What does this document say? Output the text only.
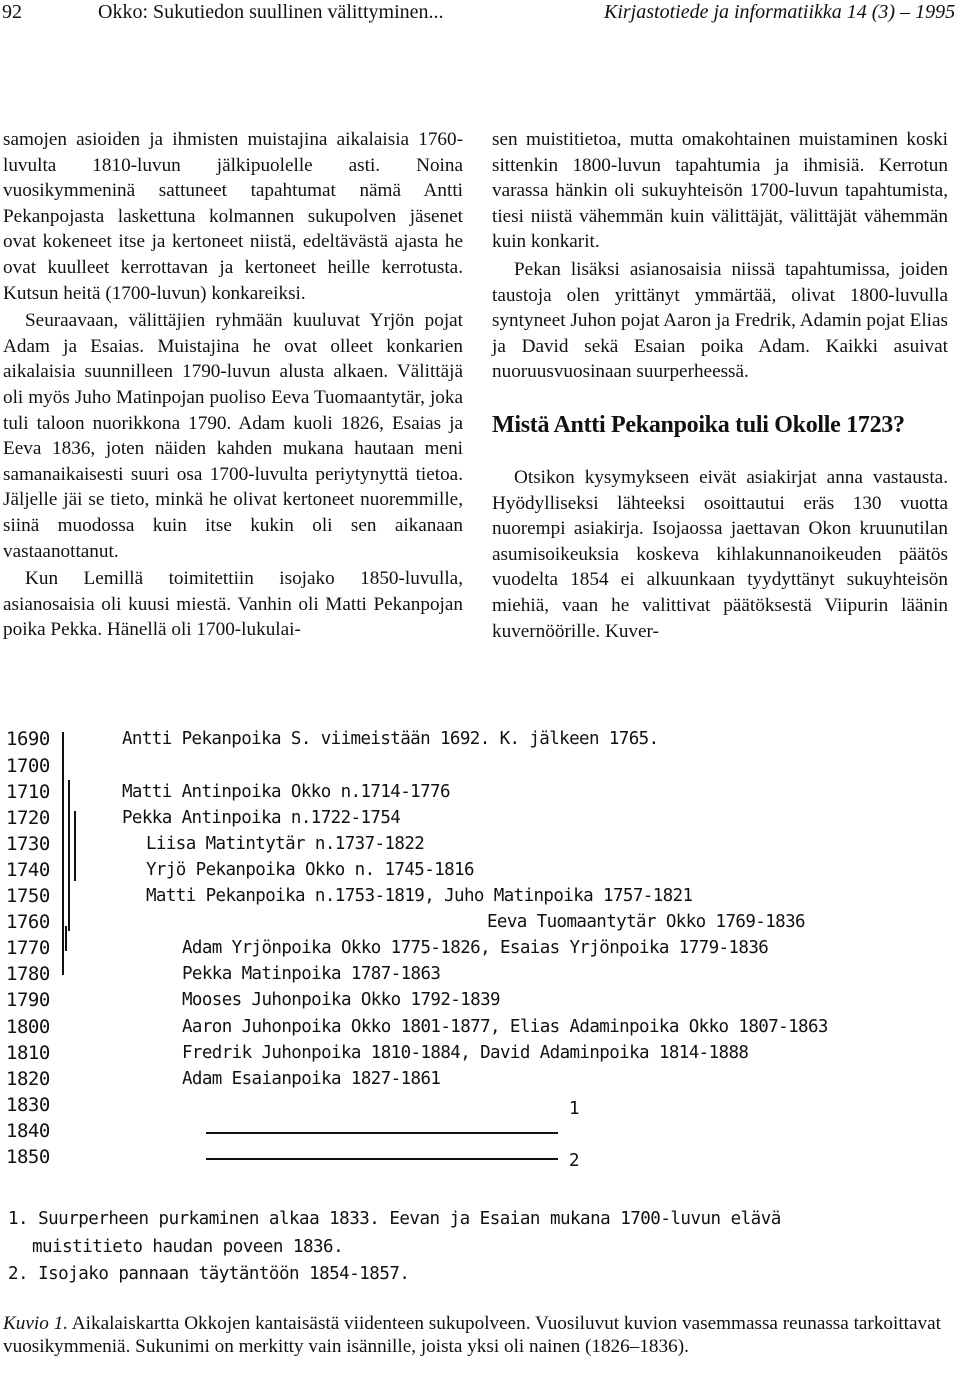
92	Okko: Sukutiedon suullinen välittyminen...	Kirjastotiede ja informatiikka 14 (3) – 1995

samojen asioiden ja ihmisten muistajina aikalaisia 1760-luvulta 1810-luvun jälkipuolelle asti. Noina vuosikymmeninä sattuneet tapahtumat nämä Antti Pekanpojasta laskettuna kolmannen sukupolven jäsenet ovat kokeneet itse ja kertoneet niistä, edeltävästä ajasta he ovat kuulleet kerrottavan ja kertoneet heille kerrotusta. Kutsun heitä (1700-luvun) konkareiksi.

Seuraavaan, välittäjien ryhmään kuuluvat Yrjön pojat Adam ja Esaias. Muistajina he ovat olleet konkarien aikalaisia suunnilleen 1790-luvun alusta alkaen. Välittäjä oli myös Juho Matinpojan puoliso Eeva Tuomaantytär, joka tuli taloon nuorikkona 1790. Adam kuoli 1826, Esaias ja Eeva 1836, joten näiden kahden mukana hautaan meni samanaikaisesti suuri osa 1700-luvulta periytynyttä tietoa. Jäljelle jäi se tieto, minkä he olivat kertoneet nuoremmille, siinä muodossa kuin itse kukin oli sen aikanaan vastaanottanut.

Kun Lemillä toimitettiin isojako 1850-luvulla, asianosaisia oli kuusi miestä. Vanhin oli Matti Pekanpojan poika Pekka. Hänellä oli 1700-lukulai-

sen muistitietoa, mutta omakohtainen muistaminen koski sittenkin 1800-luvun tapahtumia ja ihmisiä. Kerrotun varassa hänkin oli sukuyhteisön 1700-luvun tapahtumista, tiesi niistä vähemmän kuin välittäjät, välittäjät vähemmän kuin konkarit.

Pekan lisäksi asianosaisia niissä tapahtumissa, joiden taustoja olen yrittänyt ymmärtää, olivat 1800-luvulla syntyneet Juhon pojat Aaron ja Fredrik, Adamin pojat Elias ja David sekä Esaian poika Adam. Kaikki asuivat nuoruusvuosinaan suurperheessä.

Mistä Antti Pekanpoika tuli Okolle 1723?

Otsikon kysymykseen eivät asiakirjat anna vastausta. Hyödylliseksi lähteeksi osoittautui eräs 130 vuotta nuorempi asiakirja. Isojaossa jaettavan Okon kruunutilan asumisoikeuksia koskeva kihlakunnanoikeuden päätös vuodelta 1854 ei alkuunkaan tyydyttänyt sukuyhteisön miehiä, vaan he valittivat päätöksestä Viipurin läänin kuvernöörille. Kuver-

1690
1700
1710
1720
1730
1740
1750
1760
1770
1780
1790
1800
1810
1820
1830
1840
1850
Antti Pekanpoika S. viimeistään 1692. K. jälkeen 1765.
Matti Antinpoika Okko n.1714-1776
Pekka Antinpoika n.1722-1754
Liisa Matintytär n.1737-1822
Yrjö Pekanpoika Okko n. 1745-1816
Matti Pekanpoika n.1753-1819, Juho Matinpoika 1757-1821
Eeva Tuomaantytär Okko 1769-1836
Adam Yrjönpoika Okko 1775-1826, Esaias Yrjönpoika 1779-1836
Pekka Matinpoika 1787-1863
Mooses Juhonpoika Okko 1792-1839
Aaron Juhonpoika Okko 1801-1877, Elias Adaminpoika Okko 1807-1863
Fredrik Juhonpoika 1810-1884, David Adaminpoika 1814-1888
Adam Esaianpoika 1827-1861
1
2
1. Suurperheen purkaminen alkaa 1833. Eevan ja Esaian mukana 1700-luvun elävä
muistitieto haudan poveen 1836.
2. Isojako pannaan täytäntöön 1854-1857.
Kuvio 1. Aikalaiskartta Okkojen kantaisästä viidenteen sukupolveen. Vuosiluvut kuvion vasemmassa reunassa tarkoittavat vuosikymmeniä. Sukunimi on merkitty vain isännille, joista yksi oli nainen (1826–1836).
